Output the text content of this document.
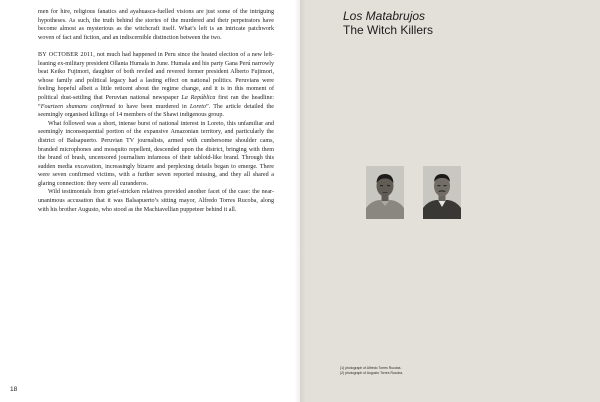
men for hire, religious fanatics and ayahuasca-fuelled visions are just some of the intriguing hypotheses. As such, the truth behind the stories of the murdered and their perpetrators have become almost as mysterious as the witchcraft itself. What’s left is an intricate patchwork woven of fact and fiction, and an indiscernible distinction between the two.

BY OCTOBER 2011, not much had happened in Peru since the heated election of a new left-leaning ex-military president Ollanta Humala in June. Humala and his party Gana Perú narrowly beat Keiko Fujimori, daughter of both reviled and revered former president Alberto Fujimori, whose family and political legacy had a lasting effect on national politics. Peruvians were feeling hopeful albeit a little reticent about the regime change, and it is in this moment of political dust-settling that Peruvian national newspaper La República first ran the headline: “Fourteen shamans confirmed to have been murdered in Loreto”. The article detailed the seemingly organised killings of 14 members of the Shawi indigenous group.

What followed was a short, intense burst of national interest in Loreto, this unfamiliar and seemingly inconsequential portion of the expansive Amazonian territory, and particularly the district of Balsapuerto. Peruvian TV journalists, armed with cumbersome shoulder cams, branded microphones and mosquito repellent, descended upon the district, bringing with them the brand of brash, uncensored journalism infamous of their tabloid-like brand. Through this sudden media excavation, increasingly bizarre and perplexing details began to emerge. There were seven confirmed victims, with a further seven reported missing, and they all shared a glaring connection: they were all curanderos.

Wild testimonials from grief-stricken relatives provided another facet of the case: the near-unanimous accusation that it was Balsapuerto’s sitting mayor, Alfredo Torres Rucoba, along with his brother Augusto, who stood as the Machiavellian puppeteer behind it all.

18
Los Matabrujos
The Witch Killers
(1) photograph of Alfredo Torres Rucoba.
(2) photograph of Augusto Torres Rucoba.
